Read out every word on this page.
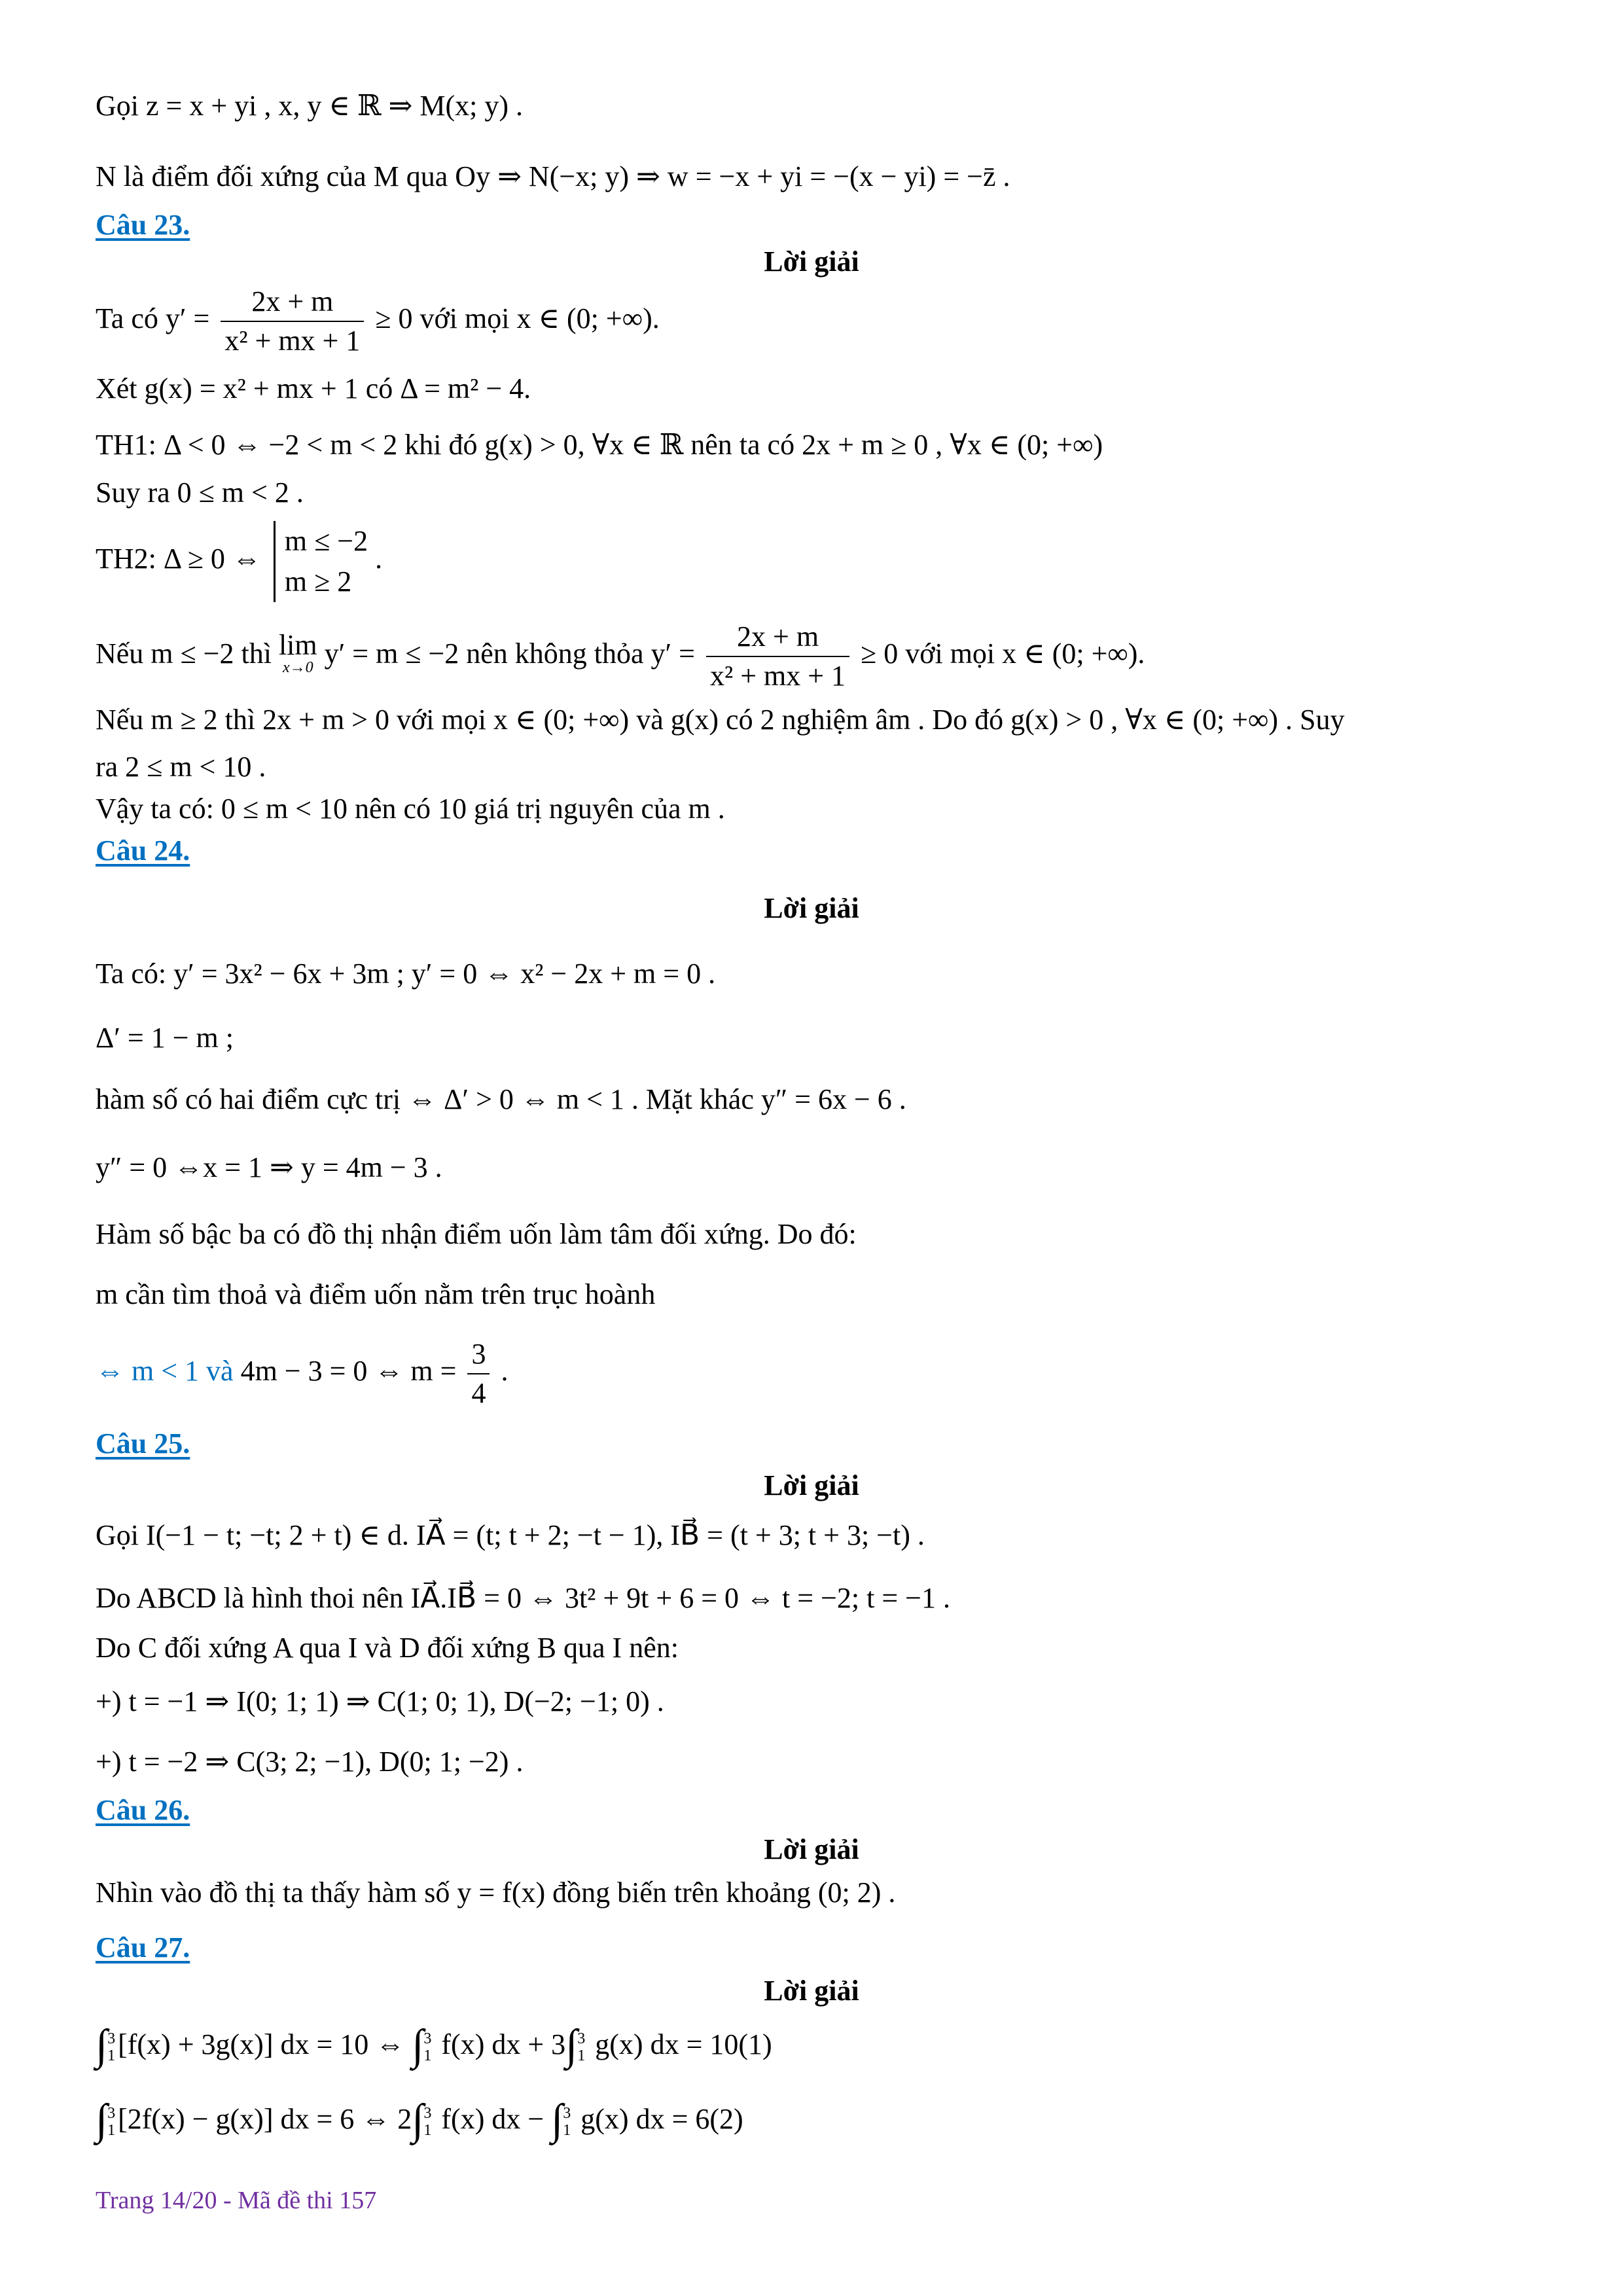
Gọi z = x + yi , x, y ∈ ℝ ⇒ M(x; y) .
N là điểm đối xứng của M qua Oy ⇒ N(−x; y) ⇒ w = −x + yi = −(x − yi) = −z̄ .
Câu 23.
Lời giải
Ta có $y' = \frac{2x + m}{\text{x² + mx + 1}} \ge 0$ với mọi x ∈ (0; +∞).
Xét g(x) = x² + mx + 1 có Δ = m² − 4.
TH1: Δ < 0 ⇔ −2 < m < 2 khi đó g(x) > 0, ∀x ∈ ℝ nên ta có 2x + m ≥ 0 , ∀x ∈ (0; +∞)
Suy ra 0 ≤ m < 2 .
TH2: Δ ≥ 0 ⇔
m ≤ −2
m ≥ 2
.
Nếu m ≤ −2 thì lim
x→0 y′ = m ≤ −2 nên không thỏa $y' = \frac{2x + m}{\text{x² + mx + 1}} \ge 0$ với mọi x ∈ (0; +∞).
Nếu m ≥ 2 thì 2x + m > 0 với mọi x ∈ (0; +∞) và g(x) có 2 nghiệm âm . Do đó g(x) > 0 , ∀x ∈ (0; +∞) . Suy
ra 2 ≤ m < 10 .
Vậy ta có: 0 ≤ m < 10 nên có 10 giá trị nguyên của m .
Câu 24.
Lời giải
Ta có: y′ = 3x² − 6x + 3m ; y′ = 0 ⇔ x² − 2x + m = 0 .
Δ′ = 1 − m ;
hàm số có hai điểm cực trị ⇔ Δ′ > 0 ⇔ m < 1 . Mặt khác y″ = 6x − 6 .
y″ = 0 ⇔x = 1 ⇒ y = 4m − 3 .
Hàm số bậc ba có đồ thị nhận điểm uốn làm tâm đối xứng. Do đó:
m cần tìm thoả và điểm uốn nằm trên trục hoành
⇔ m < 1 và 4m − 3 = 0 ⇔ $m = \frac{3}{4}$ .
Câu 25.
Lời giải
Gọi I(−1 − t; −t; 2 + t) ∈ d. IA⃗ = (t; t + 2; −t − 1), IB⃗ = (t + 3; t + 3; −t) .
Do ABCD là hình thoi nên IA⃗.IB⃗ = 0 ⇔ 3t² + 9t + 6 = 0 ⇔ t = −2; t = −1 .
Do C đối xứng A qua I và D đối xứng B qua I nên:
+) t = −1 ⇒ I(0; 1; 1) ⇒ C(1; 0; 1), D(−2; −1; 0) .
+) t = −2 ⇒ C(3; 2; −1), D(0; 1; −2) .
Câu 26.
Lời giải
Nhìn vào đồ thị ta thấy hàm số y = f(x) đồng biến trên khoảng (0; 2) .
Câu 27.
Lời giải
∫ 3
1 [f(x) + 3g(x)] dx = 10 ⇔ ∫ 3
1 f(x) dx + 3∫ 3
1 g(x) dx = 10(1)
∫ 3
1 [2f(x) − g(x)] dx = 6 ⇔ 2∫ 3
1 f(x) dx − ∫ 3
1 g(x) dx = 6(2)
Trang 14/20 - Mã đề thi 157
